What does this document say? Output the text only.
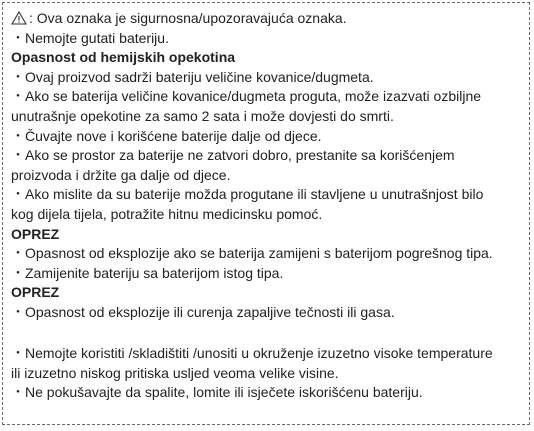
: Ova oznaka je sigurnosna/upozoravajuća oznaka.

・Nemojte gutati bateriju.

Opasnost od hemijskih opekotina

・Ovaj proizvod sadrži bateriju veličine kovanice/dugmeta.

・Ako se baterija veličine kovanice/dugmeta proguta, može izazvati ozbiljne

unutrašnje opekotine za samo 2 sata i može dovjesti do smrti.

・Čuvajte nove i korišćene baterije dalje od djece.

・Ako se prostor za baterije ne zatvori dobro, prestanite sa korišćenjem

proizvoda i držite ga dalje od djece.

・Ako mislite da su baterije možda progutane ili stavljene u unutrašnjost bilo

kog dijela tijela, potražite hitnu medicinsku pomoć.

OPREZ

・Opasnost od eksplozije ako se baterija zamijeni s baterijom pogrešnog tipa.

・Zamijenite bateriju sa baterijom istog tipa.

OPREZ

・Opasnost od eksplozije ili curenja zapaljive tečnosti ili gasa.

・Nemojte koristiti /skladištiti /unositi u okruženje izuzetno visoke temperature

ili izuzetno niskog pritiska usljed veoma velike visine.

・Ne pokušavajte da spalite, lomite ili isječete iskorišćenu bateriju.
